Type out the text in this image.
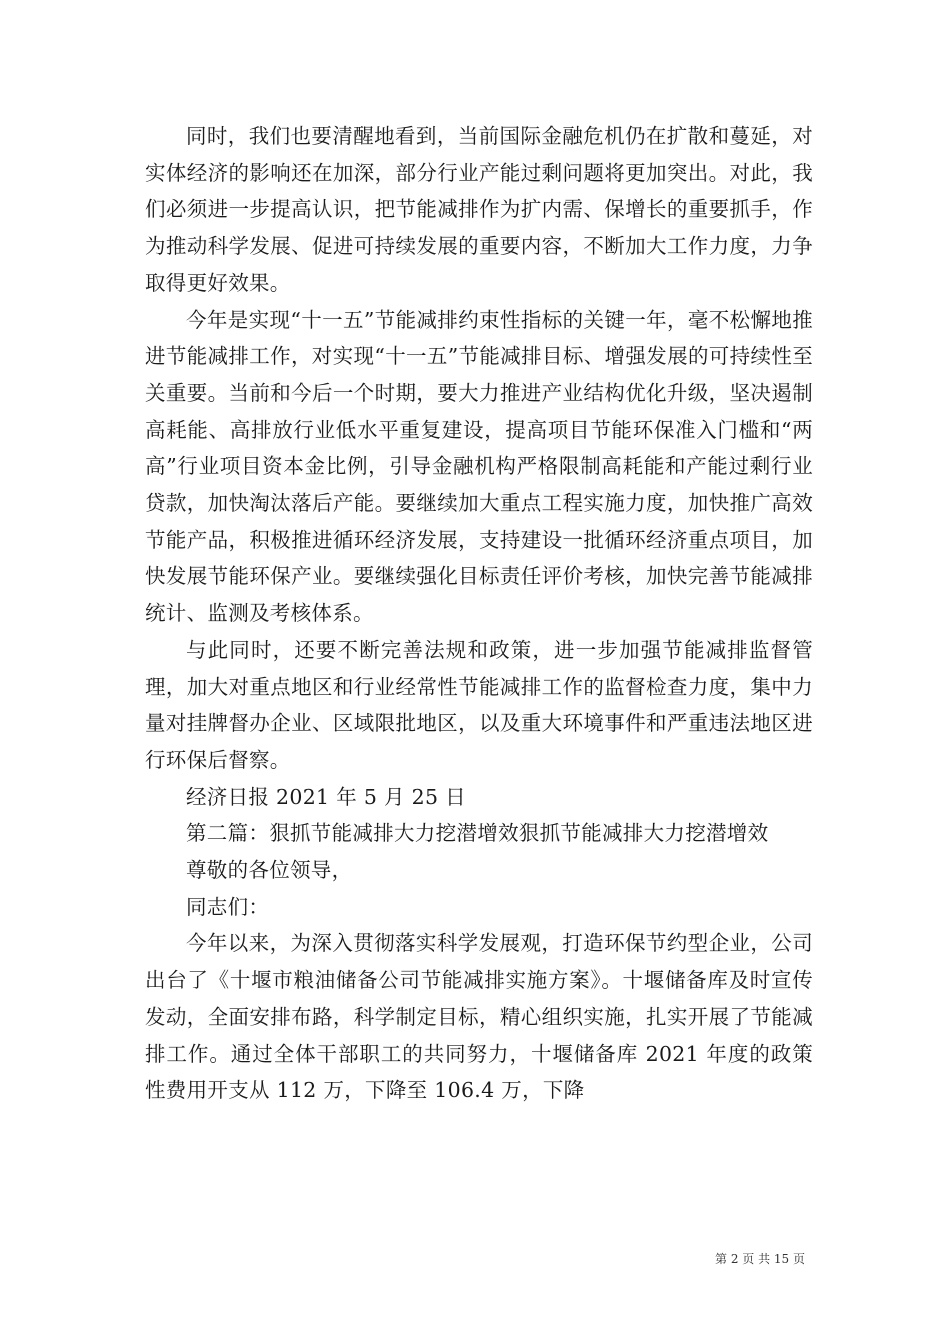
同时，我们也要清醒地看到，当前国际金融危机仍在扩散和蔓延，对实体经济的影响还在加深，部分行业产能过剩问题将更加突出。对此，我们必须进一步提高认识，把节能减排作为扩内需、保增长的重要抓手，作为推动科学发展、促进可持续发展的重要内容，不断加大工作力度，力争取得更好效果。

今年是实现“十一五”节能减排约束性指标的关键一年，毫不松懈地推进节能减排工作，对实现“十一五”节能减排目标、增强发展的可持续性至关重要。当前和今后一个时期，要大力推进产业结构优化升级，坚决遏制高耗能、高排放行业低水平重复建设，提高项目节能环保准入门槛和“两高”行业项目资本金比例，引导金融机构严格限制高耗能和产能过剩行业贷款，加快淘汰落后产能。要继续加大重点工程实施力度，加快推广高效节能产品，积极推进循环经济发展，支持建设一批循环经济重点项目，加快发展节能环保产业。要继续强化目标责任评价考核，加快完善节能减排统计、监测及考核体系。

与此同时，还要不断完善法规和政策，进一步加强节能减排监督管理，加大对重点地区和行业经常性节能减排工作的监督检查力度，集中力量对挂牌督办企业、区域限批地区，以及重大环境事件和严重违法地区进行环保后督察。

经济日报 2021 年 5 月 25 日

第二篇：狠抓节能减排大力挖潜增效狠抓节能减排大力挖潜增效

尊敬的各位领导，

同志们：

今年以来，为深入贯彻落实科学发展观，打造环保节约型企业，公司出台了《十堰市粮油储备公司节能减排实施方案》。十堰储备库及时宣传发动，全面安排布路，科学制定目标，精心组织实施，扎实开展了节能减排工作。通过全体干部职工的共同努力，十堰储备库 2021 年度的政策性费用开支从 112 万，下降至 106.4 万，下降

第 2 页 共 15 页
